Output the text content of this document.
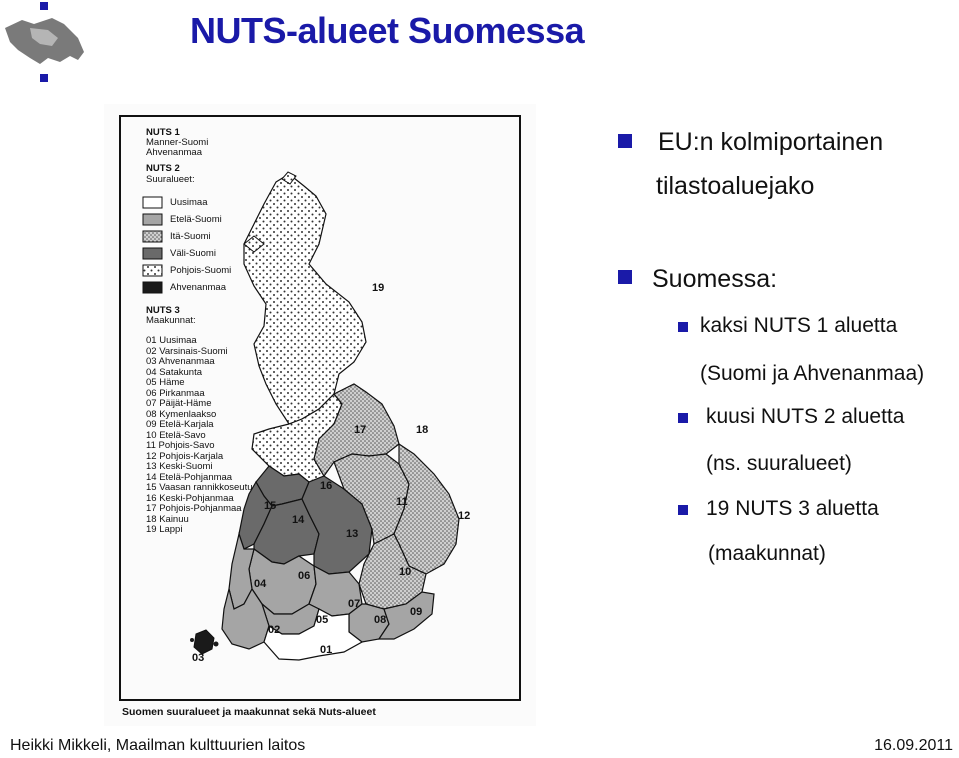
NUTS-alueet Suomessa
NUTS 1
Manner-Suomi
Ahvenanmaa
NUTS 2
Suuralueet:
Uusimaa
Etelä-Suomi
Itä-Suomi
Väli-Suomi
Pohjois-Suomi
Ahvenanmaa
NUTS 3
Maakunnat:
01 Uusimaa
02 Varsinais-Suomi
03 Ahvenanmaa
04 Satakunta
05 Häme
06 Pirkanmaa
07 Päijät-Häme
08 Kymenlaakso
09 Etelä-Karjala
10 Etelä-Savo
11 Pohjois-Savo
12 Pohjois-Karjala
13 Keski-Suomi
14 Etelä-Pohjanmaa
15 Vaasan rannikkoseutu
16 Keski-Pohjanmaa
17 Pohjois-Pohjanmaa
18 Kainuu
19 Lappi
19
17	18
16
15
14
13
11
12
10
06
04
07
05	08
09
02
01
03
Suomen suuralueet ja maakunnat sekä Nuts-alueet
EU:n kolmiportainen
tilastoaluejako
Suomessa:
kaksi NUTS 1 aluetta
(Suomi ja Ahvenanmaa)
kuusi NUTS 2 aluetta
(ns. suuralueet)
19 NUTS 3 aluetta
(maakunnat)
Heikki Mikkeli, Maailman kulttuurien laitos	16.09.2011
